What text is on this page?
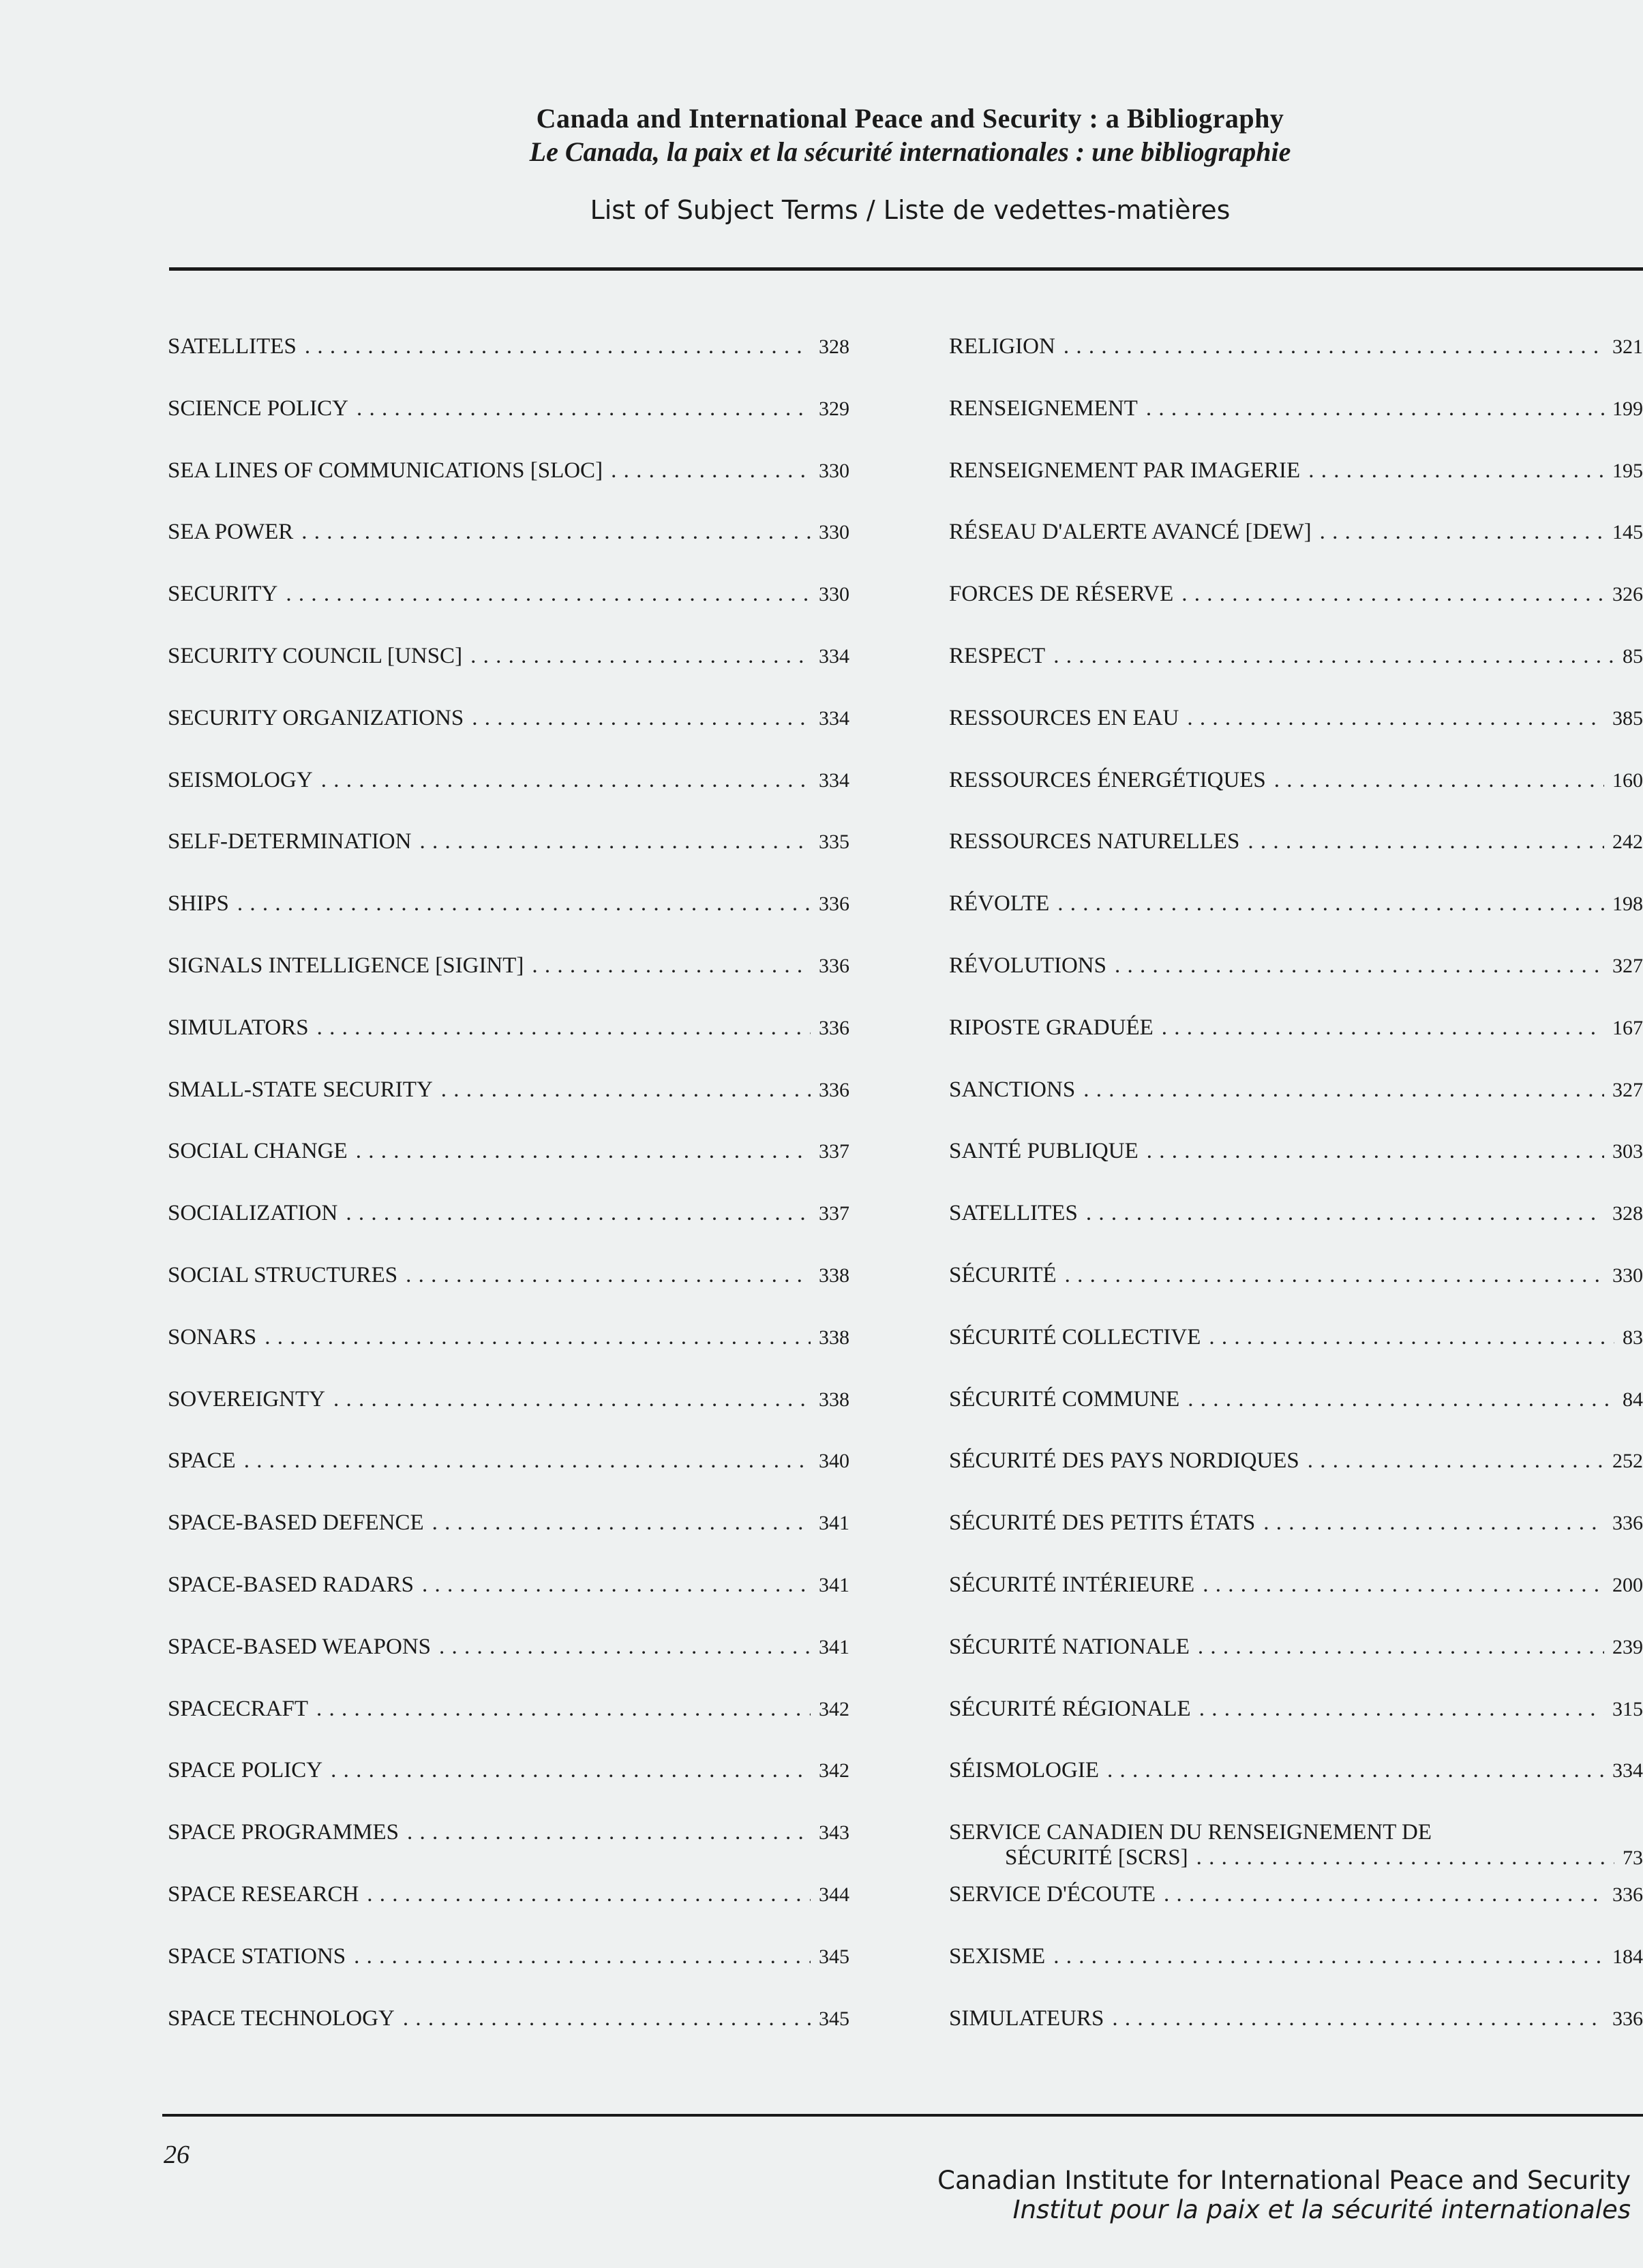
Canada and International Peace and Security : a Bibliography
Le Canada, la paix et la sécurité internationales : une bibliographie
List of Subject Terms / Liste de vedettes-matières
SATELLITES . . .	328
SCIENCE POLICY . . .	329
SEA LINES OF COMMUNICATIONS [SLOC] . . .	330
SEA POWER . . .	330
SECURITY . . .	330
SECURITY COUNCIL [UNSC] . . .	334
SECURITY ORGANIZATIONS . . .	334
SEISMOLOGY . . .	334
SELF-DETERMINATION . . .	335
SHIPS . . .	336
SIGNALS INTELLIGENCE [SIGINT] . . .	336
SIMULATORS . . .	336
SMALL-STATE SECURITY . . .	336
SOCIAL CHANGE . . .	337
SOCIALIZATION . . .	337
SOCIAL STRUCTURES . . .	338
SONARS . . .	338
SOVEREIGNTY . . .	338
SPACE . . .	340
SPACE-BASED DEFENCE . . .	341
SPACE-BASED RADARS . . .	341
SPACE-BASED WEAPONS . . .	341
SPACECRAFT . . .	342
SPACE POLICY . . .	342
SPACE PROGRAMMES . . .	343
SPACE RESEARCH . . .	344
SPACE STATIONS . . .	345
SPACE TECHNOLOGY . . .	345
RELIGION . . .	321
RENSEIGNEMENT . . .	199
RENSEIGNEMENT PAR IMAGERIE . . .	195
RÉSEAU D'ALERTE AVANCÉ [DEW] . . .	145
FORCES DE RÉSERVE . . .	326
RESPECT . . .	85
RESSOURCES EN EAU . . .	385
RESSOURCES ÉNERGÉTIQUES . . .	160
RESSOURCES NATURELLES . . .	242
RÉVOLTE . . .	198
RÉVOLUTIONS . . .	327
RIPOSTE GRADUÉE . . .	167
SANCTIONS . . .	327
SANTÉ PUBLIQUE . . .	303
SATELLITES . . .	328
SÉCURITÉ . . .	330
SÉCURITÉ COLLECTIVE . . .	83
SÉCURITÉ COMMUNE . . .	84
SÉCURITÉ DES PAYS NORDIQUES . . .	252
SÉCURITÉ DES PETITS ÉTATS . . .	336
SÉCURITÉ INTÉRIEURE . . .	200
SÉCURITÉ NATIONALE . . .	239
SÉCURITÉ RÉGIONALE . . .	315
SÉISMOLOGIE . . .	334
SERVICE CANADIEN DU RENSEIGNEMENT DE
SÉCURITÉ [SCRS] . . .	73
SERVICE D'ÉCOUTE . . .	336
SEXISME . . .	184
SIMULATEURS . . .	336
26
Canadian Institute for International Peace and Security
Institut pour la paix et la sécurité internationales
